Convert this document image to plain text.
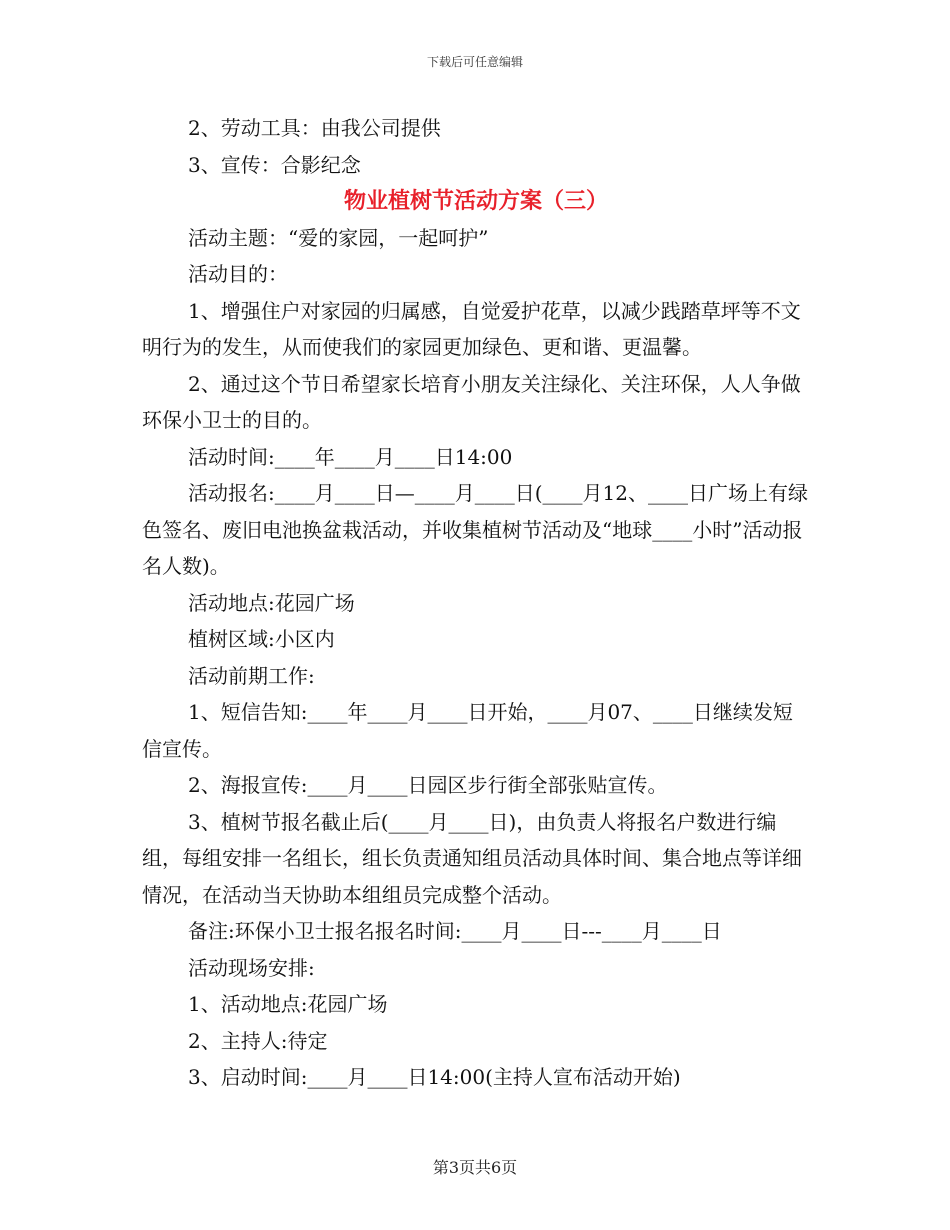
下载后可任意编辑

2、劳动工具：由我公司提供

3、宣传：合影纪念

物业植树节活动方案（三）

活动主题：“爱的家园，一起呵护”

活动目的：

1、增强住户对家园的归属感，自觉爱护花草，以减少践踏草坪等不文明行为的发生，从而使我们的家园更加绿色、更和谐、更温馨。

2、通过这个节日希望家长培育小朋友关注绿化、关注环保，人人争做环保小卫士的目的。

活动时间:____年____月____日14:00

活动报名:____月____日—____月____日(____月12、____日广场上有绿色签名、废旧电池换盆栽活动，并收集植树节活动及“地球____小时”活动报名人数)。

活动地点:花园广场

植树区域:小区内

活动前期工作:

1、短信告知:____年____月____日开始，____月07、____日继续发短信宣传。

2、海报宣传:____月____日园区步行街全部张贴宣传。

3、植树节报名截止后(____月____日)，由负责人将报名户数进行编组，每组安排一名组长，组长负责通知组员活动具体时间、集合地点等详细情况，在活动当天协助本组组员完成整个活动。

备注:环保小卫士报名报名时间:____月____日---____月____日

活动现场安排:

1、活动地点:花园广场

2、主持人:待定

3、启动时间:____月____日14:00(主持人宣布活动开始)

第3页共6页
